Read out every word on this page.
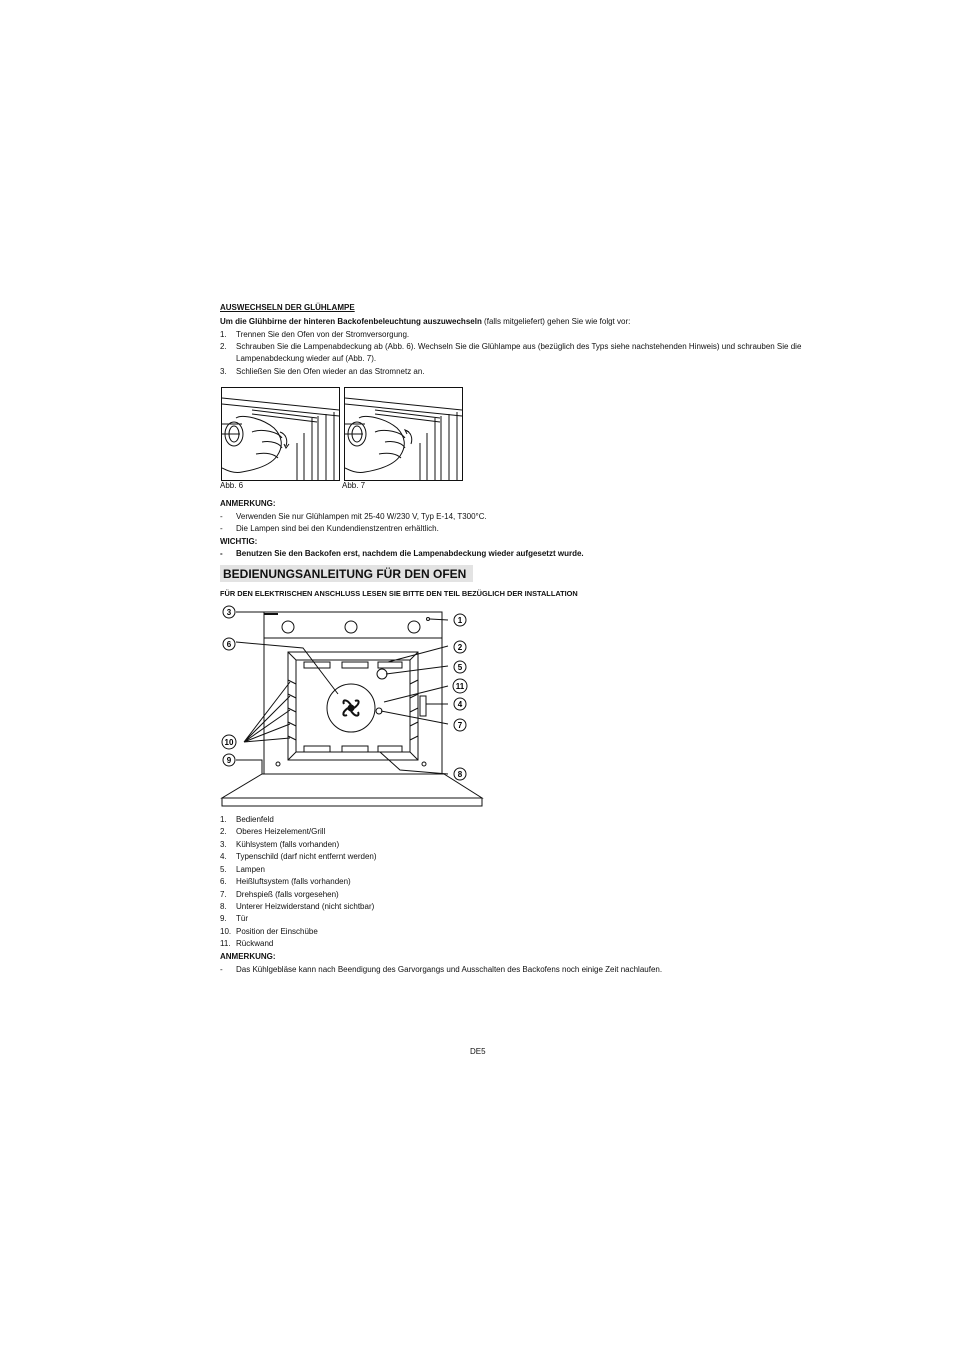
AUSWECHSELN DER GLÜHLAMPE
Um die Glühbirne der hinteren Backofenbeleuchtung auszuwechseln (falls mitgeliefert) gehen Sie wie folgt vor:
1. Trennen Sie den Ofen von der Stromversorgung.
2. Schrauben Sie die Lampenabdeckung ab (Abb. 6). Wechseln Sie die Glühlampe aus (bezüglich des Typs siehe nachstehenden Hinweis) und schrauben Sie die
Lampenabdeckung wieder auf (Abb. 7).
3. Schließen Sie den Ofen wieder an das Stromnetz an.
Abb. 6	Abb. 7
ANMERKUNG:
- Verwenden Sie nur Glühlampen mit 25-40 W/230 V, Typ E-14, T300°C.
- Die Lampen sind bei den Kundendienstzentren erhältlich.
WICHTIG:
- Benutzen Sie den Backofen erst, nachdem die Lampenabdeckung wieder aufgesetzt wurde.
BEDIENUNGSANLEITUNG FÜR DEN OFEN
FÜR DEN ELEKTRISCHEN ANSCHLUSS LESEN SIE BITTE DEN TEIL BEZÜGLICH DER INSTALLATION
3
1
6	2
5
11
4
7
10
9
8
1. Bedienfeld
2. Oberes Heizelement/Grill
3. Kühlsystem (falls vorhanden)
4. Typenschild (darf nicht entfernt werden)
5. Lampen
6. Heißluftsystem (falls vorhanden)
7. Drehspieß (falls vorgesehen)
8. Unterer Heizwiderstand (nicht sichtbar)
9. Tür
10. Position der Einschübe
11. Rückwand
ANMERKUNG:
- Das Kühlgebläse kann nach Beendigung des Garvorgangs und Ausschalten des Backofens noch einige Zeit nachlaufen.
DE5
